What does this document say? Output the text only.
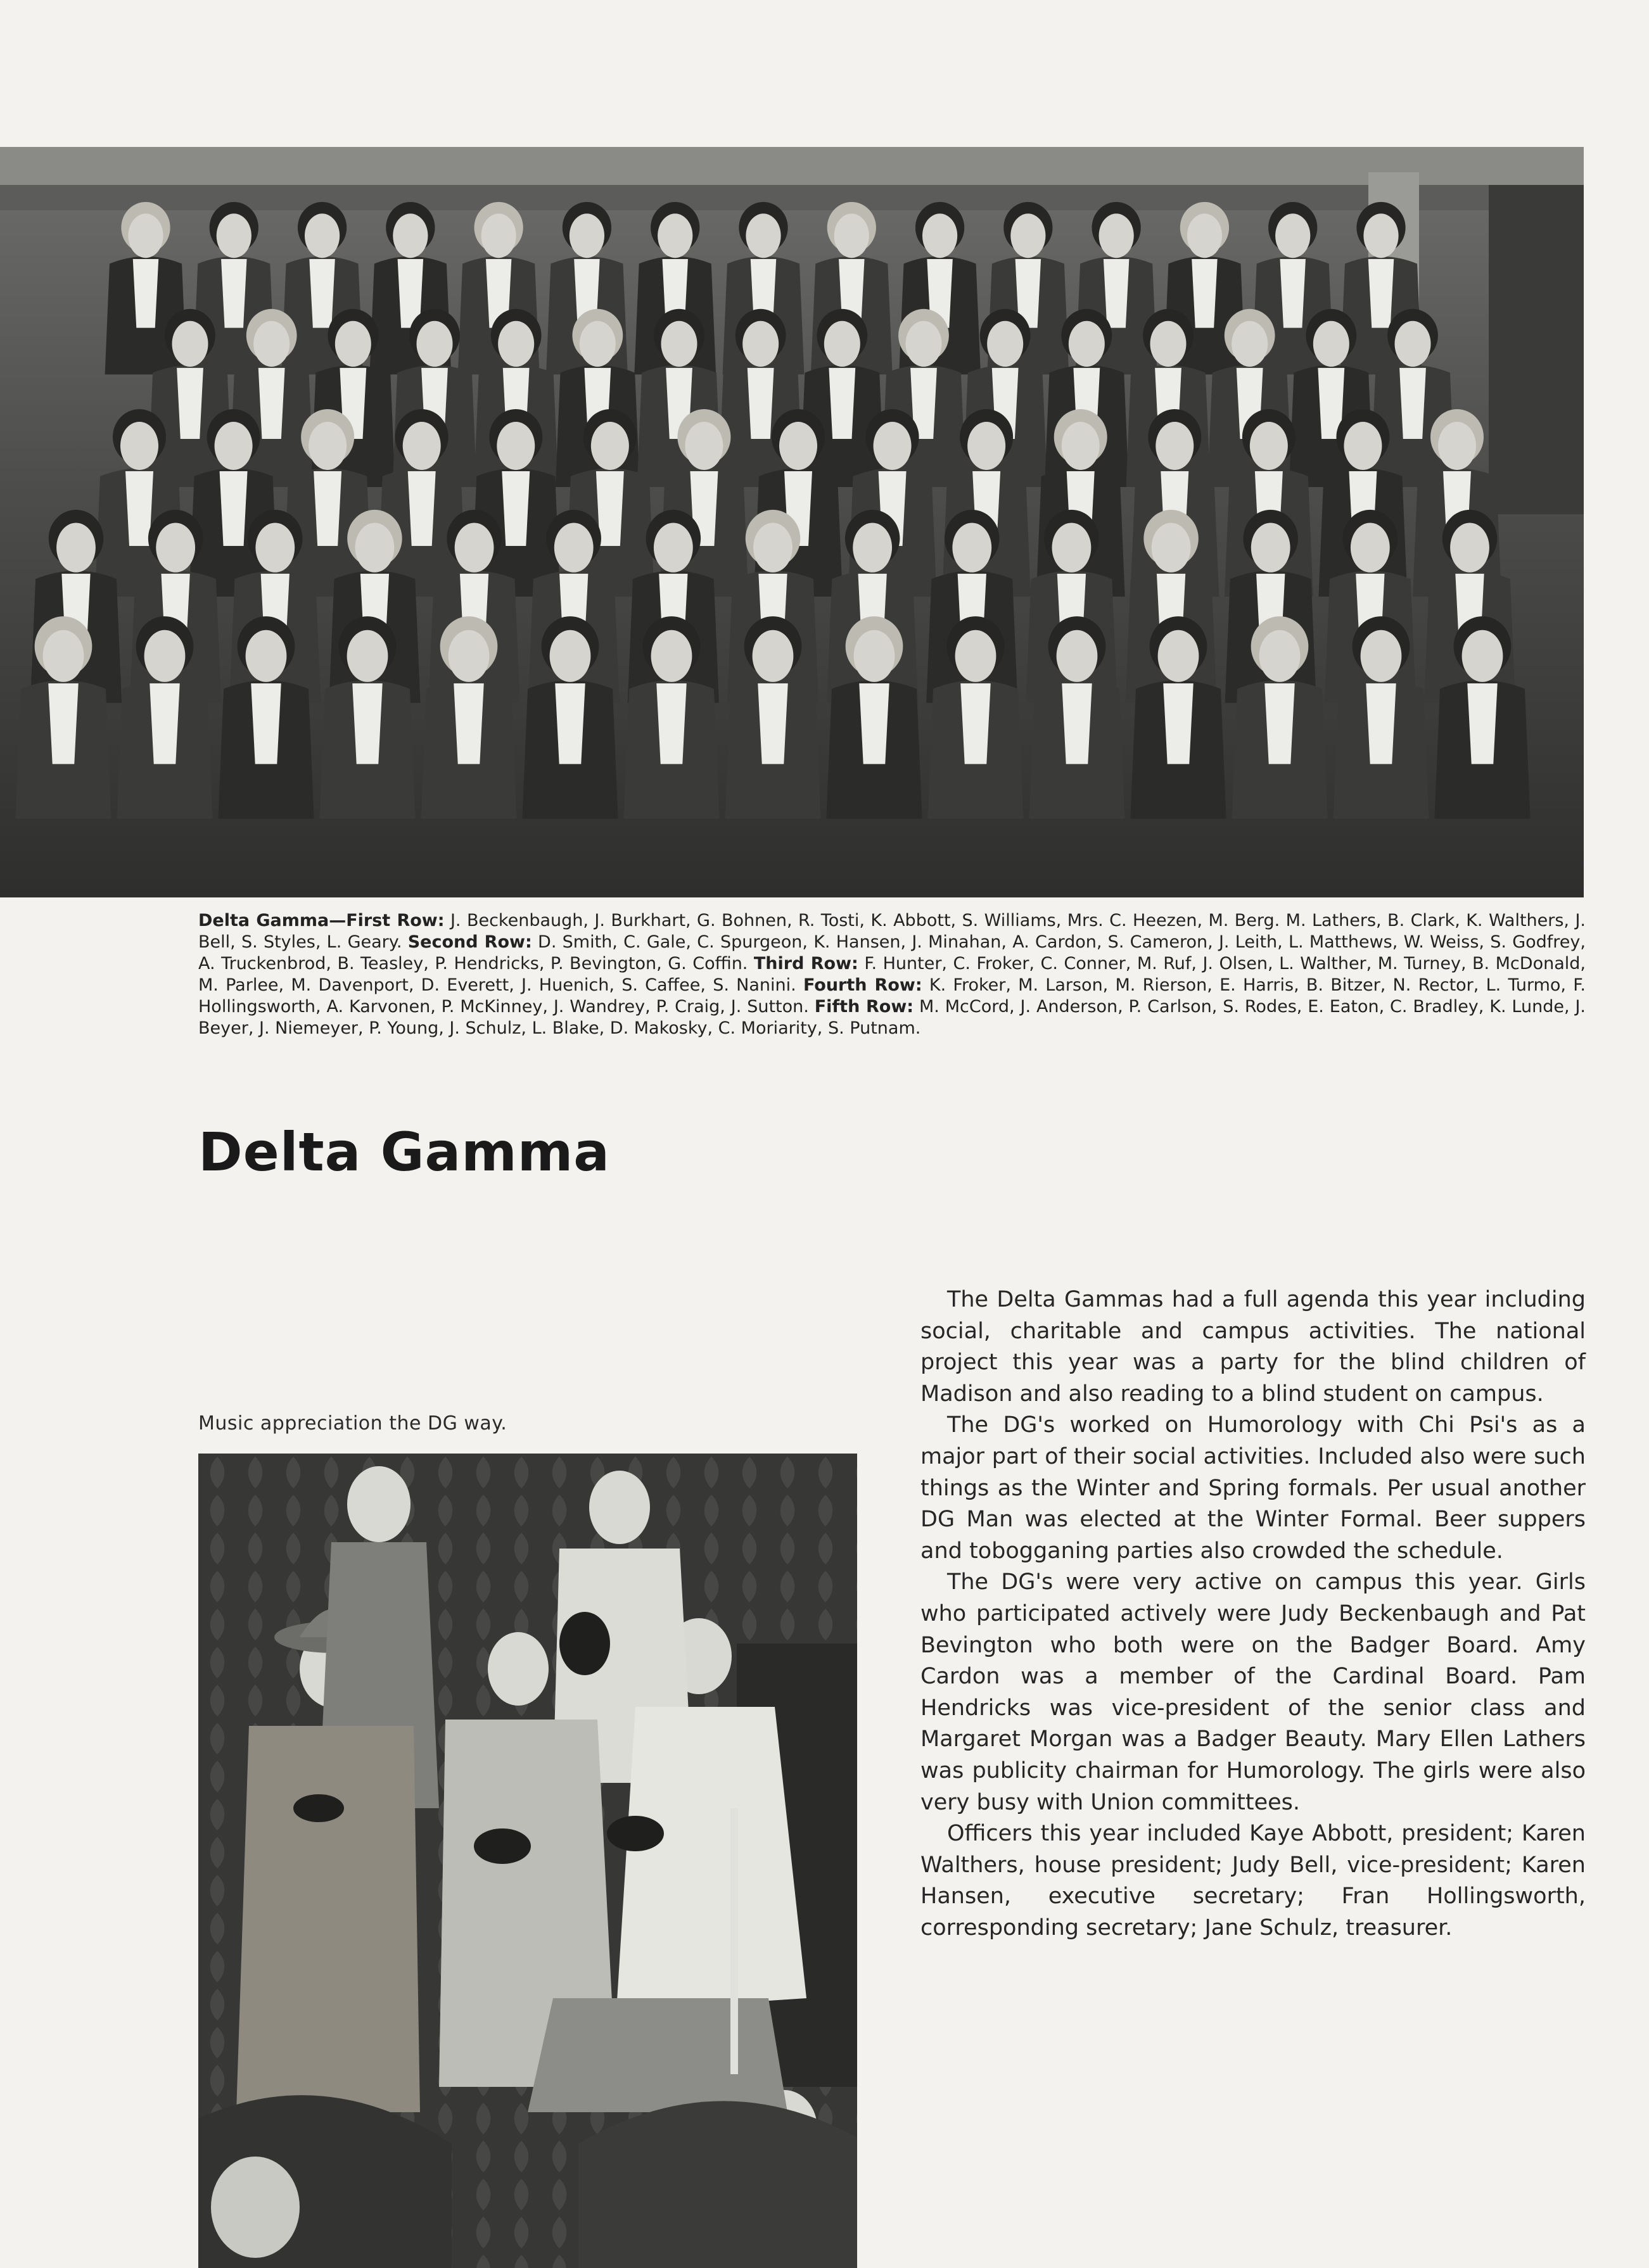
Delta Gamma—First Row: J. Beckenbaugh, J. Burkhart, G. Bohnen, R. Tosti, K. Abbott, S. Williams, Mrs. C. Heezen, M. Berg. M. Lathers, B. Clark, K. Walthers, J. Bell, S. Styles, L. Geary. Second Row: D. Smith, C. Gale, C. Spurgeon, K. Hansen, J. Minahan, A. Cardon, S. Cameron, J. Leith, L. Matthews, W. Weiss, S. Godfrey, A. Truckenbrod, B. Teasley, P. Hendricks, P. Bevington, G. Coffin. Third Row: F. Hunter, C. Froker, C. Conner, M. Ruf, J. Olsen, L. Walther, M. Turney, B. McDonald, M. Parlee, M. Davenport, D. Everett, J. Huenich, S. Caffee, S. Nanini. Fourth Row: K. Froker, M. Larson, M. Rierson, E. Harris, B. Bitzer, N. Rector, L. Turmo, F. Hollingsworth, A. Karvonen, P. McKinney, J. Wandrey, P. Craig, J. Sutton. Fifth Row: M. McCord, J. Anderson, P. Carlson, S. Rodes, E. Eaton, C. Bradley, K. Lunde, J. Beyer, J. Niemeyer, P. Young, J. Schulz, L. Blake, D. Makosky, C. Moriarity, S. Putnam.
Delta Gamma
Music appreciation the DG way.

The Delta Gammas had a full agenda this year including social, charitable and campus activities. The national project this year was a party for the blind children of Madison and also reading to a blind student on campus.

The DG's worked on Humorology with Chi Psi's as a major part of their social activities. Included also were such things as the Winter and Spring formals. Per usual another DG Man was elected at the Winter Formal. Beer suppers and tobogganing parties also crowded the schedule.

The DG's were very active on campus this year. Girls who participated actively were Judy Beckenbaugh and Pat Bevington who both were on the Badger Board. Amy Cardon was a member of the Cardinal Board. Pam Hendricks was vice-president of the senior class and Margaret Morgan was a Badger Beauty. Mary Ellen Lathers was publicity chairman for Humorology. The girls were also very busy with Union committees.

Officers this year included Kaye Abbott, president; Karen Walthers, house president; Judy Bell, vice-president; Karen Hansen, executive secretary; Fran Hollingsworth, corresponding secretary; Jane Schulz, treasurer.
